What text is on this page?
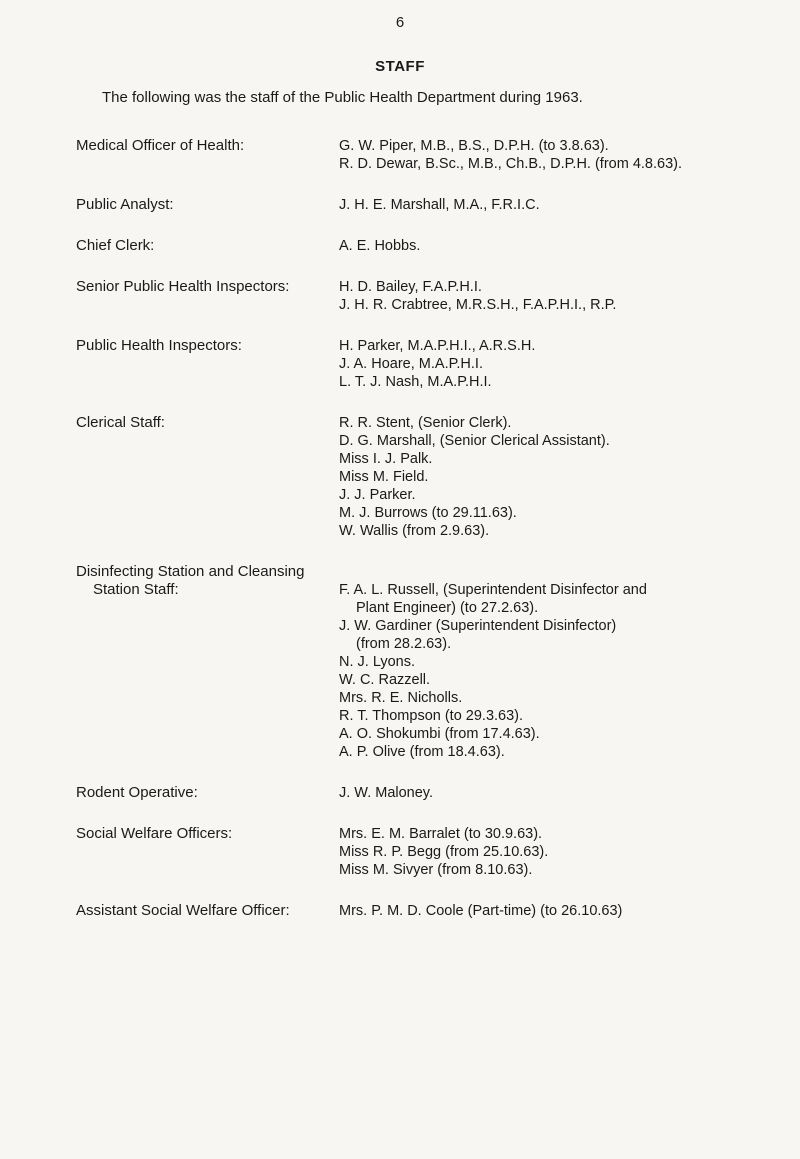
6
STAFF
The following was the staff of the Public Health Department during 1963.
Medical Officer of Health:	G. W. Piper, M.B., B.S., D.P.H. (to 3.8.63).
R. D. Dewar, B.Sc., M.B., Ch.B., D.P.H. (from 4.8.63).
Public Analyst:	J. H. E. Marshall, M.A., F.R.I.C.
Chief Clerk:	A. E. Hobbs.
Senior Public Health Inspectors:	H. D. Bailey, F.A.P.H.I.
J. H. R. Crabtree, M.R.S.H., F.A.P.H.I., R.P.
Public Health Inspectors:	H. Parker, M.A.P.H.I., A.R.S.H.
J. A. Hoare, M.A.P.H.I.
L. T. J. Nash, M.A.P.H.I.
Clerical Staff:	R. R. Stent, (Senior Clerk).
D. G. Marshall, (Senior Clerical Assistant).
Miss I. J. Palk.
Miss M. Field.
J. J. Parker.
M. J. Burrows (to 29.11.63).
W. Wallis (from 2.9.63).
Disinfecting Station and Cleansing
Station Staff:	F. A. L. Russell, (Superintendent Disinfector and
Plant Engineer) (to 27.2.63).
J. W. Gardiner (Superintendent Disinfector)
(from 28.2.63).
N. J. Lyons.
W. C. Razzell.
Mrs. R. E. Nicholls.
R. T. Thompson (to 29.3.63).
A. O. Shokumbi (from 17.4.63).
A. P. Olive (from 18.4.63).
Rodent Operative:	J. W. Maloney.
Social Welfare Officers:	Mrs. E. M. Barralet (to 30.9.63).
Miss R. P. Begg (from 25.10.63).
Miss M. Sivyer (from 8.10.63).
Assistant Social Welfare Officer:	Mrs. P. M. D. Coole (Part-time) (to 26.10.63)
